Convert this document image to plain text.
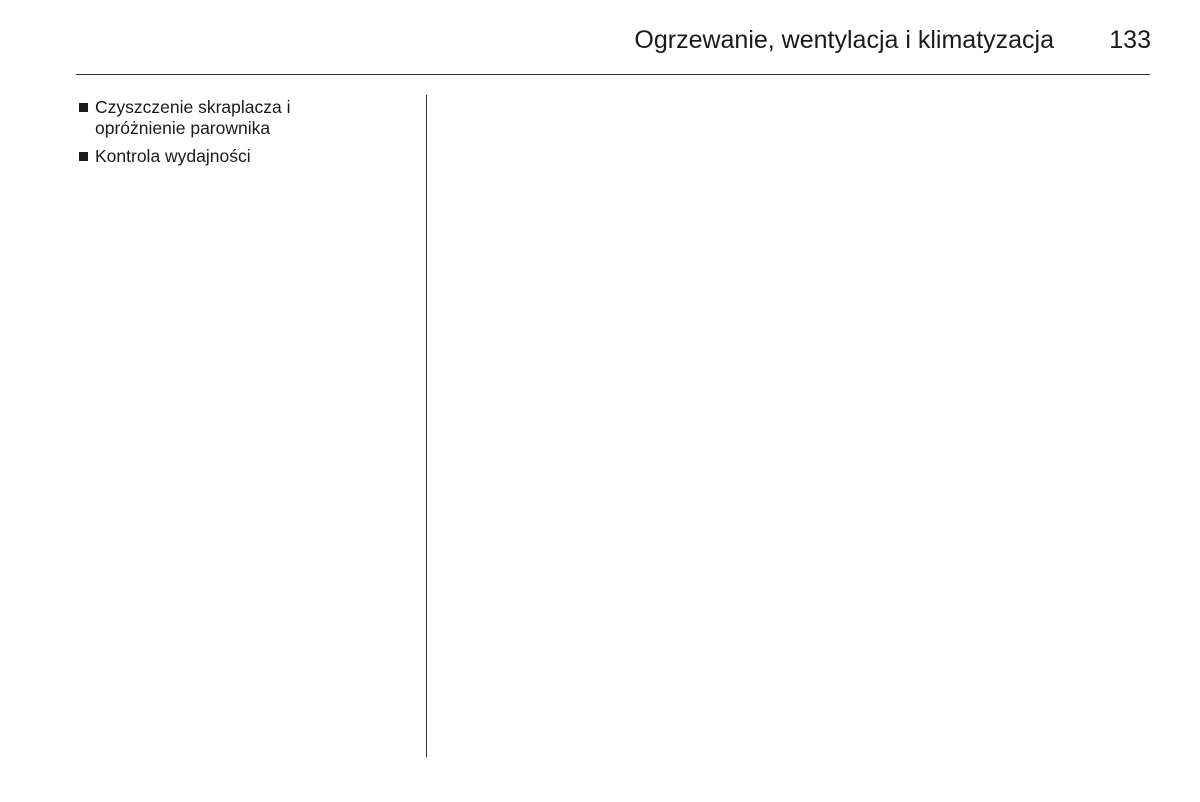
Ogrzewanie, wentylacja i klimatyzacja 133
Czyszczenie skraplacza i
opróżnienie parownika
Kontrola wydajności
